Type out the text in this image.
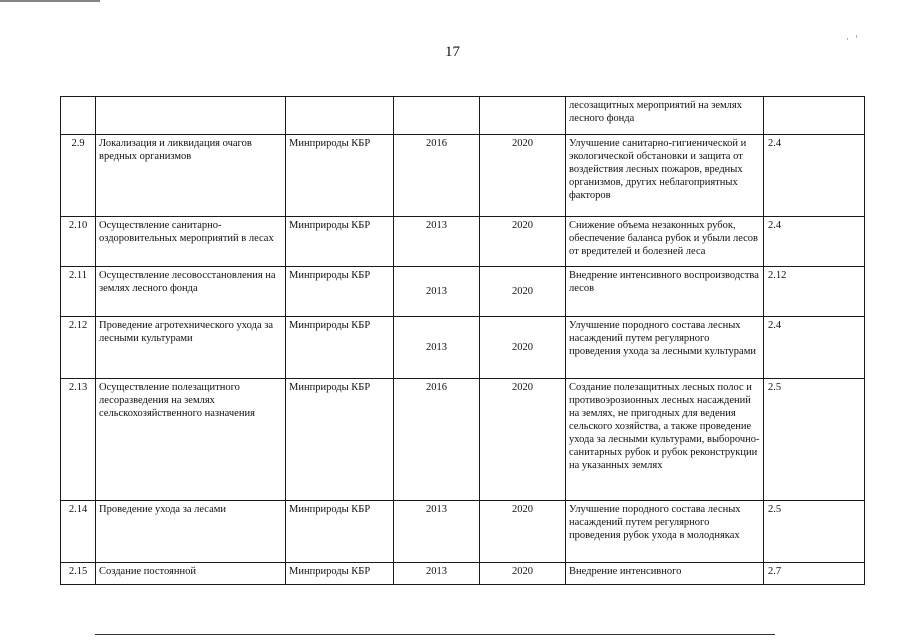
·   '
17
					лесозащитных мероприятий на землях лесного фонда	
2.9	Локализация и ликвидация очагов вредных организмов	Минприроды КБР	2016	2020	Улучшение санитарно-гигиенической и экологической обстановки и защита от воздействия лесных пожаров, вредных организмов, других неблагоприятных факторов	2.4
2.10	Осуществление санитарно-оздоровительных мероприятий в лесах	Минприроды КБР	2013	2020	Снижение объема незаконных рубок, обеспечение баланса рубок и убыли лесов от вредителей и болезней леса	2.4
2.11	Осуществление лесовосстановления на землях лесного фонда	Минприроды КБР	2013	2020	Внедрение интенсивного воспроизводства лесов	2.12
2.12	Проведение агротехнического ухода за лесными культурами	Минприроды КБР	2013	2020	Улучшение породного состава лесных насаждений путем регулярного проведения ухода за лесными культурами	2.4
2.13	Осуществление полезащитного лесоразведения на землях сельскохозяйственного назначения	Минприроды КБР	2016	2020	Создание полезащитных лесных полос и противоэрозионных лесных насаждений на землях, не пригодных для ведения сельского хозяйства, а также проведение ухода за лесными культурами, выборочно-санитарных рубок и рубок реконструкции на указанных землях	2.5
2.14	Проведение ухода за лесами	Минприроды КБР	2013	2020	Улучшение породного состава лесных насаждений путем регулярного проведения рубок ухода в молодняках	2.5
2.15	Создание постоянной	Минприроды КБР	2013	2020	Внедрение интенсивного	2.7
